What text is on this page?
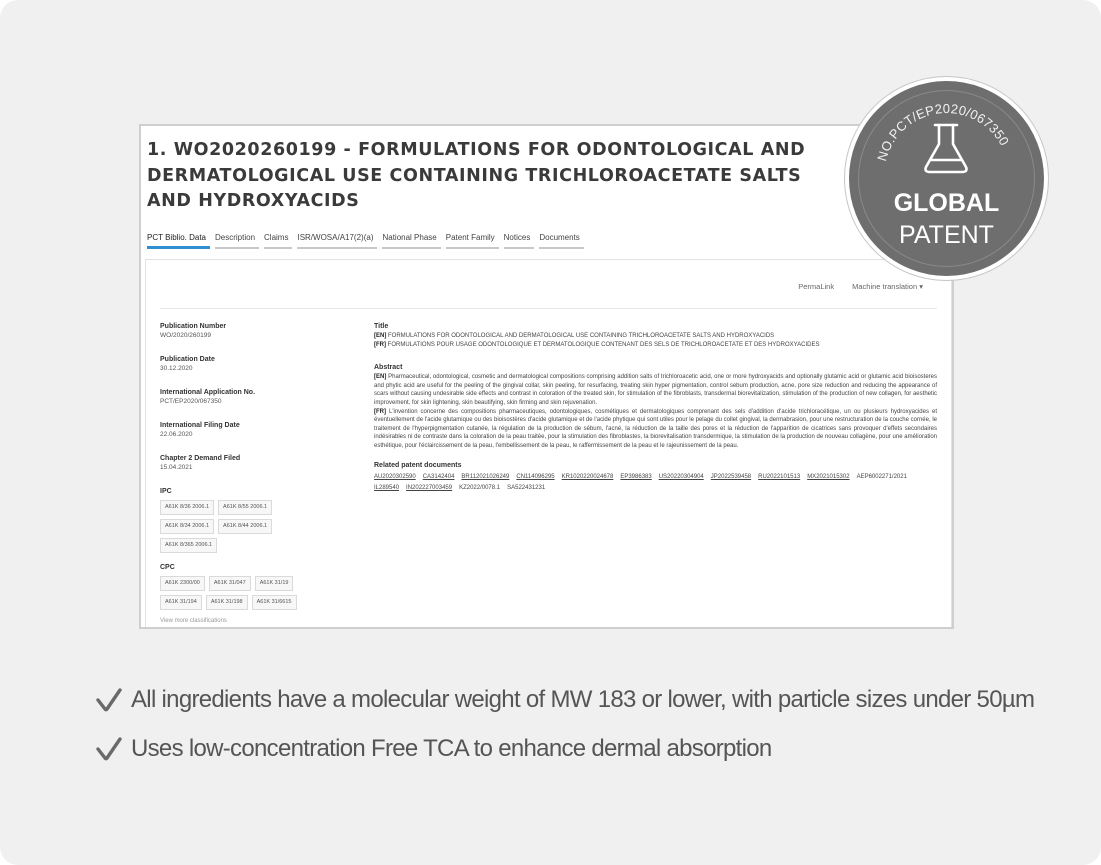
1. WO2020260199 - FORMULATIONS FOR ODONTOLOGICAL AND DERMATOLOGICAL USE CONTAINING TRICHLOROACETATE SALTS AND HYDROXYACIDS
PCT Biblio. Data	Description	Claims	ISR/WOSA/A17(2)(a)	National Phase	Patent Family	Notices	Documents
PermaLink Machine translation ▾
Publication Number
WO/2020/260199
Publication Date
30.12.2020
International Application No.
PCT/EP2020/067350
International Filing Date
22.06.2020
Chapter 2 Demand Filed
15.04.2021
IPC
A61K 8/36 2006.1	A61K 8/55 2006.1
A61K 8/34 2006.1	A61K 8/44 2006.1
A61K 8/365 2006.1
CPC
A61K 2300/00	A61K 31/047	A61K 31/19
A61K 31/194	A61K 31/198	A61K 31/6615
View more classifications
Title
[EN] FORMULATIONS FOR ODONTOLOGICAL AND DERMATOLOGICAL USE CONTAINING TRICHLOROACETATE SALTS AND HYDROXYACIDS
[FR] FORMULATIONS POUR USAGE ODONTOLOGIQUE ET DERMATOLOGIQUE CONTENANT DES SELS DE TRICHLOROACETATE ET DES HYDROXYACIDES
Abstract
[EN] Pharmaceutical, odontological, cosmetic and dermatological compositions comprising addition salts of trichloroacetic acid, one or more hydroxyacids and optionally glutamic acid or glutamic acid bioisosteres and phytic acid are useful for the peeling of the gingival collar, skin peeling, for resurfacing, treating skin hyper pigmentation, control sebum production, acne, pore size reduction and reducing the appearance of scars without causing undesirable side effects and contrast in coloration of the treated skin, for stimulation of the fibroblasts, transdermal biorevitalization, stimulation of the production of new collagen, for aesthetic improvement, for skin lightening, skin beautifying, skin firming and skin rejuvenation.
[FR] L'invention concerne des compositions pharmaceutiques, odontologiques, cosmétiques et dermatologiques comprenant des sels d'addition d'acide trichloracétique, un ou plusieurs hydroxyacides et éventuellement de l'acide glutamique ou des bioisostères d'acide glutamique et de l'acide phytique qui sont utiles pour le pelage du collet gingival, la dermabrasion, pour une restructuration de la couche cornée, le traitement de l'hyperpigmentation cutanée, la régulation de la production de sébum, l'acné, la réduction de la taille des pores et la réduction de l'apparition de cicatrices sans provoquer d'effets secondaires indésirables ni de contraste dans la coloration de la peau traitée, pour la stimulation des fibroblastes, la biorevitalisation transdermique, la stimulation de la production de nouveau collagène, pour une amélioration esthétique, pour l'éclaircissement de la peau, l'embellissement de la peau, le raffermissement de la peau et le rajeunissement de la peau.
Related patent documents
AU2020302590 CA3142404 BR112021026249 CN114096295 KR1020220024678 EP3986383 US20220304904 JP2022539458 RU2022101513 MX2021015302 AEP6002271/2021
IL289540 IN202227003459 KZ2022/0078.1 SA522431231
NO.PCT/EP2020/067350
GLOBAL
PATENT
All ingredients have a molecular weight of MW 183 or lower, with particle sizes under 50µm
Uses low-concentration Free TCA to enhance dermal absorption
